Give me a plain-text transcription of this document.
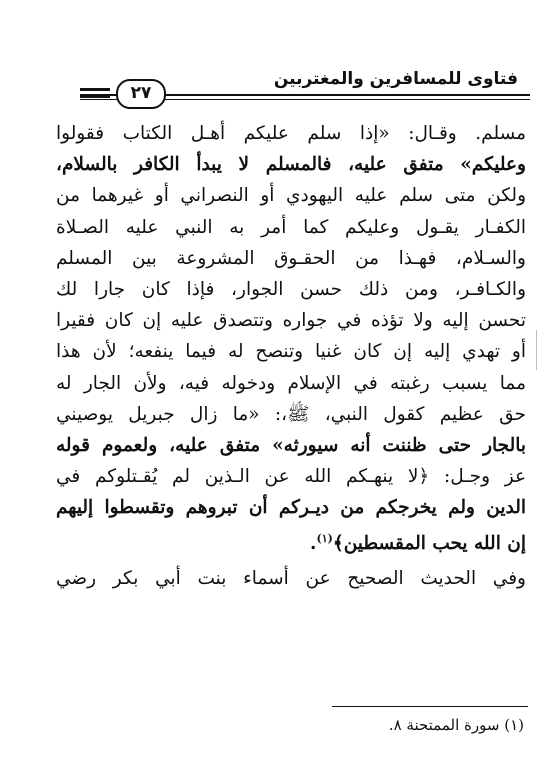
٢٧
فتاوى للمسافرين والمغتربين
مسلم. وقـال: «إذا سلم عليكم أهـل الكتاب فقولوا
وعليكم» متفق عليه، فالمسلم لا يبدأ الكافر بالسلام،
ولكن متى سلم عليه اليهودي أو النصراني أو غيرهما من
الكفـار يقـول وعليكم كما أمر به النبي عليه الصـلاة
والسـلام، فهـذا من الحقـوق المشروعة بين المسلم
والكـافـر، ومن ذلك حسن الجوار، فإذا كان جارا لك
تحسن إليه ولا تؤذه في جواره وتتصدق عليه إن كان فقيرا
أو تهدي إليه إن كان غنيا وتنصح له فيما ينفعه؛ لأن هذا
مما يسبب رغبته في الإسلام ودخوله فيه، ولأن الجار له
حق عظيم كقول النبي، ﷺ،: «ما زال جبريل يوصيني
بالجار حتى ظننت أنه سيورثه» متفق عليه، ولعموم قوله
عز وجـل: ﴿لا ينهـكم الله عن الـذين لم يُقـتلوكم في
الدين ولم يخرجكم من ديـركم أن تبروهم وتقسطوا إليهم
إن الله يحب المقسطين﴾$^{(١)}$.
وفي الحديث الصحيح عن أسماء بنت أبي بكر رضي
(١) سورة الممتحنة ٨.
